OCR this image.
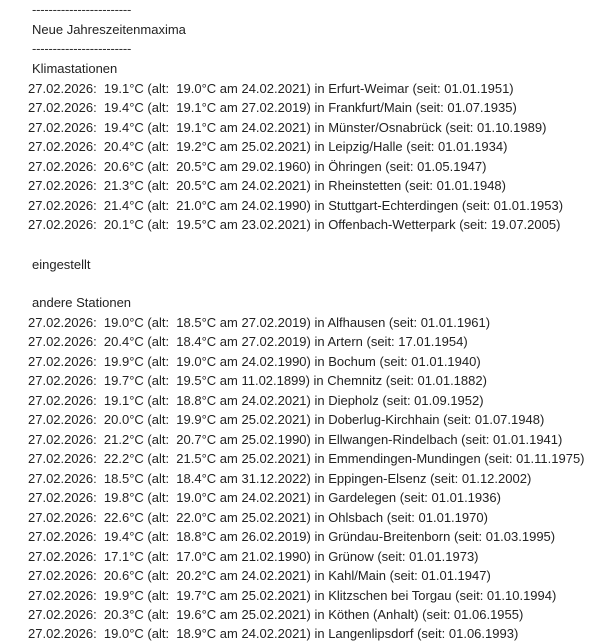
------------------------
Neue Jahreszeitenmaxima
------------------------
Klimastationen
27.02.2026:  19.1°C (alt:  19.0°C am 24.02.2021) in Erfurt-Weimar (seit: 01.01.1951)
27.02.2026:  19.4°C (alt:  19.1°C am 27.02.2019) in Frankfurt/Main (seit: 01.07.1935)
27.02.2026:  19.4°C (alt:  19.1°C am 24.02.2021) in Münster/Osnabrück (seit: 01.10.1989)
27.02.2026:  20.4°C (alt:  19.2°C am 25.02.2021) in Leipzig/Halle (seit: 01.01.1934)
27.02.2026:  20.6°C (alt:  20.5°C am 29.02.1960) in Öhringen (seit: 01.05.1947)
27.02.2026:  21.3°C (alt:  20.5°C am 24.02.2021) in Rheinstetten (seit: 01.01.1948)
27.02.2026:  21.4°C (alt:  21.0°C am 24.02.1990) in Stuttgart-Echterdingen (seit: 01.01.1953)
27.02.2026:  20.1°C (alt:  19.5°C am 23.02.2021) in Offenbach-Wetterpark (seit: 19.07.2005)
eingestellt
andere Stationen
27.02.2026:  19.0°C (alt:  18.5°C am 27.02.2019) in Alfhausen (seit: 01.01.1961)
27.02.2026:  20.4°C (alt:  18.4°C am 27.02.2019) in Artern (seit: 17.01.1954)
27.02.2026:  19.9°C (alt:  19.0°C am 24.02.1990) in Bochum (seit: 01.01.1940)
27.02.2026:  19.7°C (alt:  19.5°C am 11.02.1899) in Chemnitz (seit: 01.01.1882)
27.02.2026:  19.1°C (alt:  18.8°C am 24.02.2021) in Diepholz (seit: 01.09.1952)
27.02.2026:  20.0°C (alt:  19.9°C am 25.02.2021) in Doberlug-Kirchhain (seit: 01.07.1948)
27.02.2026:  21.2°C (alt:  20.7°C am 25.02.1990) in Ellwangen-Rindelbach (seit: 01.01.1941)
27.02.2026:  22.2°C (alt:  21.5°C am 25.02.2021) in Emmendingen-Mundingen (seit: 01.11.1975)
27.02.2026:  18.5°C (alt:  18.4°C am 31.12.2022) in Eppingen-Elsenz (seit: 01.12.2002)
27.02.2026:  19.8°C (alt:  19.0°C am 24.02.2021) in Gardelegen (seit: 01.01.1936)
27.02.2026:  22.6°C (alt:  22.0°C am 25.02.2021) in Ohlsbach (seit: 01.01.1970)
27.02.2026:  19.4°C (alt:  18.8°C am 26.02.2019) in Gründau-Breitenborn (seit: 01.03.1995)
27.02.2026:  17.1°C (alt:  17.0°C am 21.02.1990) in Grünow (seit: 01.01.1973)
27.02.2026:  20.6°C (alt:  20.2°C am 24.02.2021) in Kahl/Main (seit: 01.01.1947)
27.02.2026:  19.9°C (alt:  19.7°C am 25.02.2021) in Klitzschen bei Torgau (seit: 01.10.1994)
27.02.2026:  20.3°C (alt:  19.6°C am 25.02.2021) in Köthen (Anhalt) (seit: 01.06.1955)
27.02.2026:  19.0°C (alt:  18.9°C am 24.02.2021) in Langenlipsdorf (seit: 01.06.1993)
